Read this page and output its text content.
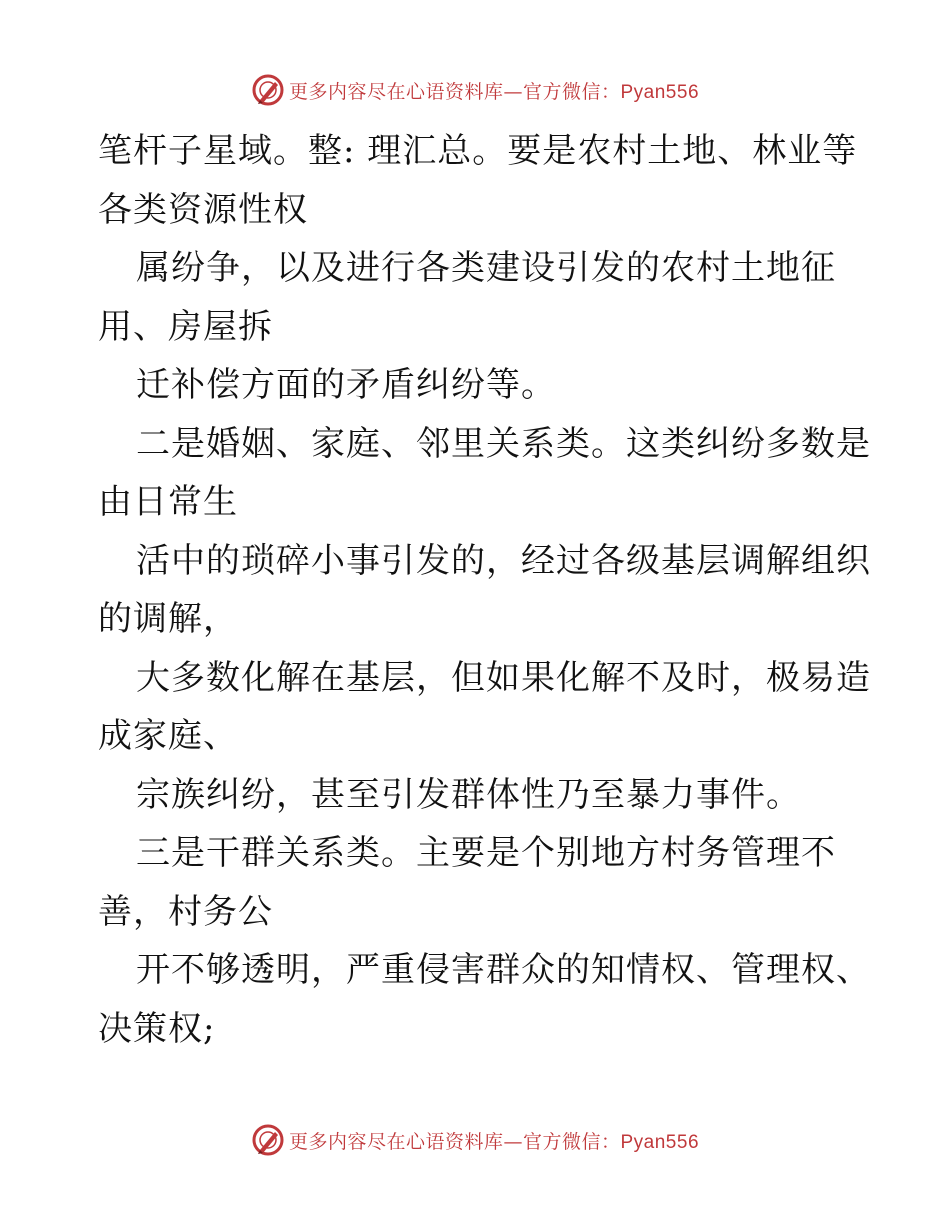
更多内容尽在心语资料库—官方微信：Pyan556
笔杆子星域。整: 理汇总。要是农村土地、林业等
各类资源性权
属纷争，以及进行各类建设引发的农村土地征
用、房屋拆
迁补偿方面的矛盾纠纷等。
二是婚姻、家庭、邻里关系类。这类纠纷多数是
由日常生
活中的琐碎小事引发的，经过各级基层调解组织
的调解，
大多数化解在基层，但如果化解不及时，极易造
成家庭、
宗族纠纷，甚至引发群体性乃至暴力事件。
三是干群关系类。主要是个别地方村务管理不
善，村务公
开不够透明，严重侵害群众的知情权、管理权、
决策权;
更多内容尽在心语资料库—官方微信：Pyan556
